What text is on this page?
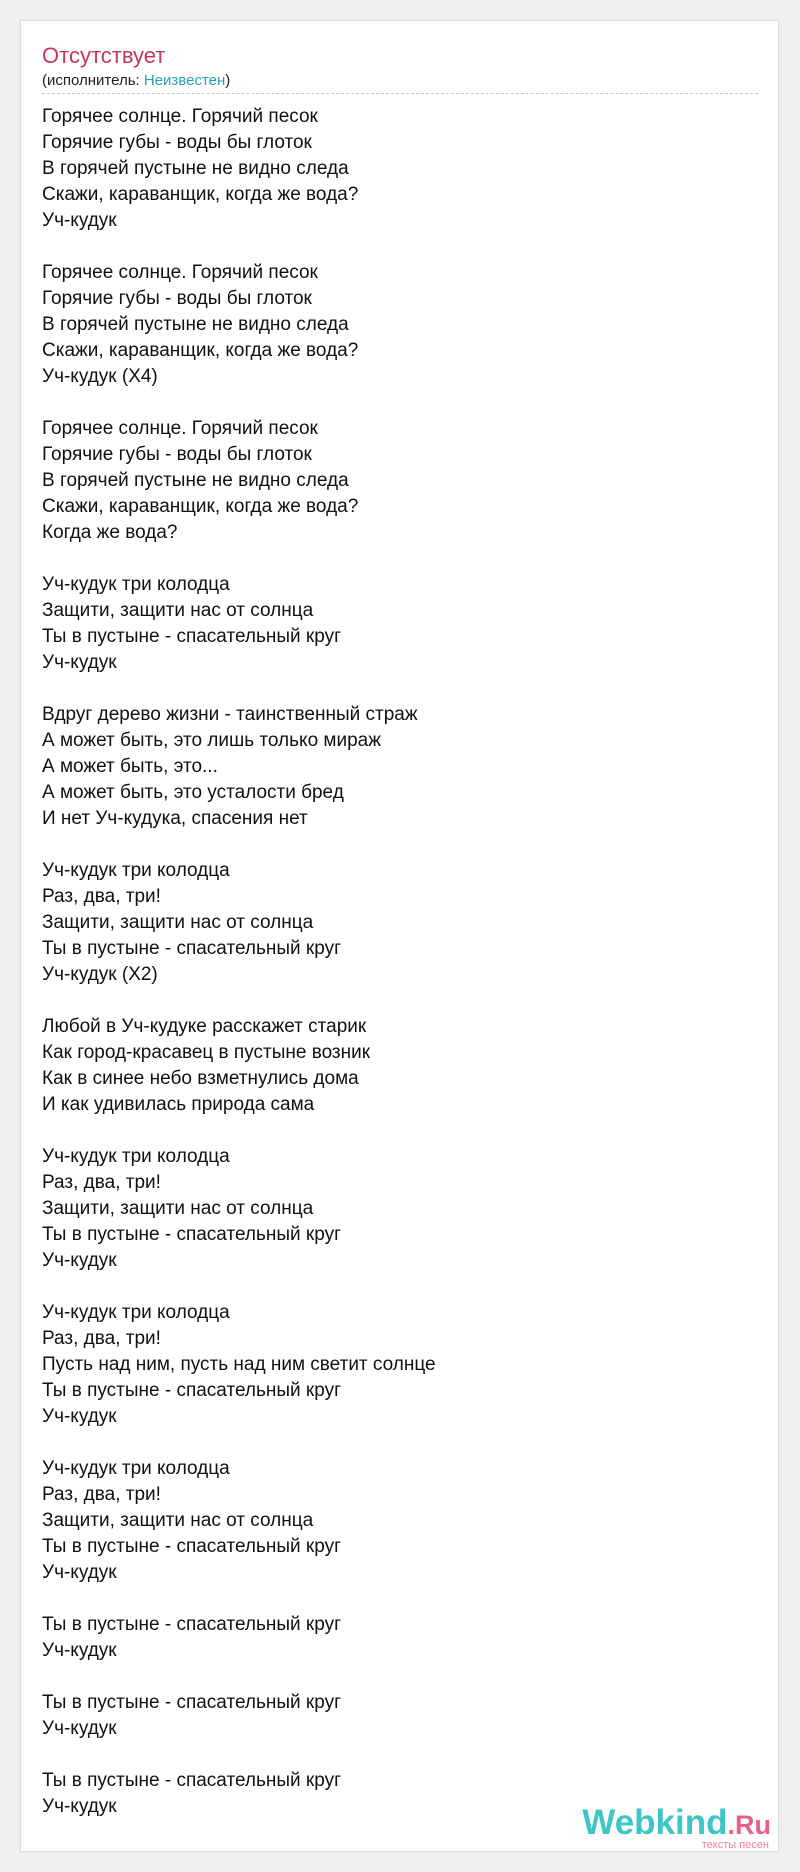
Отсутствует
(исполнитель: Неизвестен)
Горячее солнце. Горячий песок
Горячие губы - воды бы глоток
В горячей пустыне не видно следа
Скажи, караванщик, когда же вода?
Уч-кудук
Горячее солнце. Горячий песок
Горячие губы - воды бы глоток
В горячей пустыне не видно следа
Скажи, караванщик, когда же вода?
Уч-кудук (Х4)
Горячее солнце. Горячий песок
Горячие губы - воды бы глоток
В горячей пустыне не видно следа
Скажи, караванщик, когда же вода?
Когда же вода?
Уч-кудук три колодца
Защити, защити нас от солнца
Ты в пустыне - спасательный круг
Уч-кудук
Вдруг дерево жизни - таинственный страж
А может быть, это лишь только мираж
А может быть, это...
А может быть, это усталости бред
И нет Уч-кудука, спасения нет
Уч-кудук три колодца
Раз, два, три!
Защити, защити нас от солнца
Ты в пустыне - спасательный круг
Уч-кудук (Х2)
Любой в Уч-кудуке расскажет старик
Как город-красавец в пустыне возник
Как в синее небо взметнулись дома
И как удивилась природа сама
Уч-кудук три колодца
Раз, два, три!
Защити, защити нас от солнца
Ты в пустыне - спасательный круг
Уч-кудук
Уч-кудук три колодца
Раз, два, три!
Пусть над ним, пусть над ним светит солнце
Ты в пустыне - спасательный круг
Уч-кудук
Уч-кудук три колодца
Раз, два, три!
Защити, защити нас от солнца
Ты в пустыне - спасательный круг
Уч-кудук
Ты в пустыне - спасательный круг
Уч-кудук
Ты в пустыне - спасательный круг
Уч-кудук
Ты в пустыне - спасательный круг
Уч-кудук	Webkind.Ru
тексты песен
